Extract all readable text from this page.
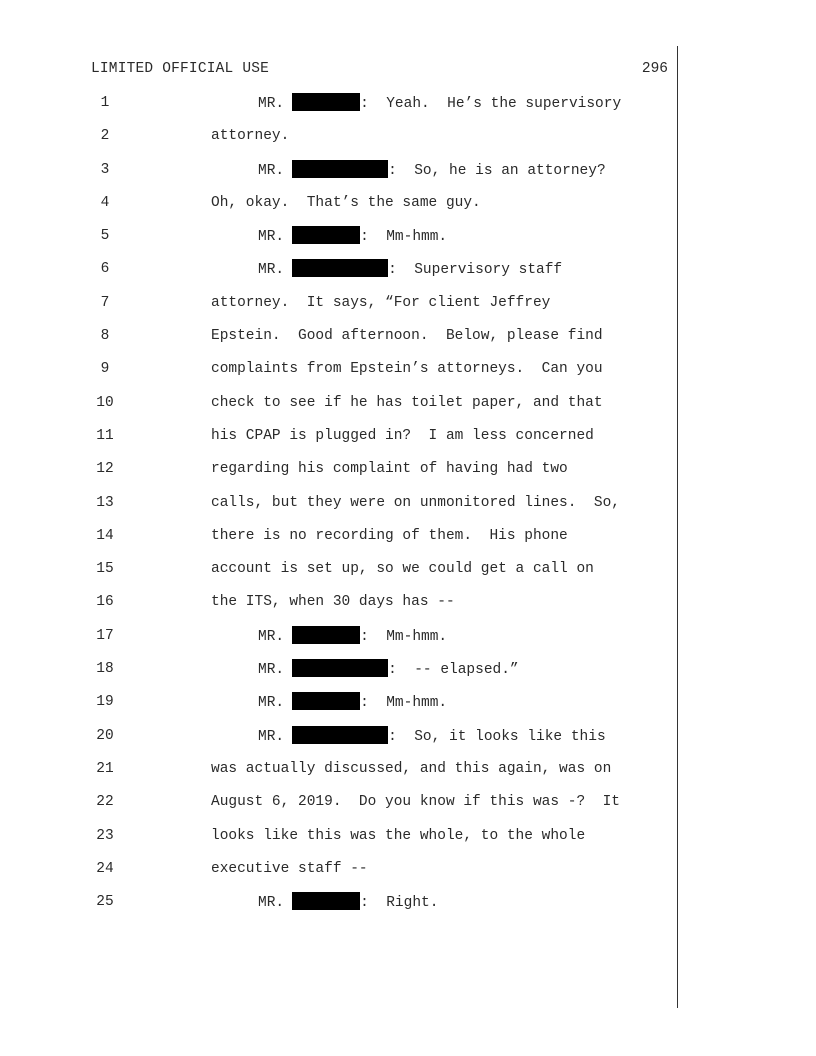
LIMITED OFFICIAL USE	296
1	MR.	:  Yeah.  He’s the supervisory
2	attorney.
3	MR.	:  So, he is an attorney?
4	Oh, okay.  That’s the same guy.
5	MR.	:  Mm-hmm.
6	MR.	:  Supervisory staff
7	attorney.  It says, “For client Jeffrey
8	Epstein.  Good afternoon.  Below, please find
9	complaints from Epstein’s attorneys.  Can you
10	check to see if he has toilet paper, and that
11	his CPAP is plugged in?  I am less concerned
12	regarding his complaint of having had two
13	calls, but they were on unmonitored lines.  So,
14	there is no recording of them.  His phone
15	account is set up, so we could get a call on
16	the ITS, when 30 days has --
17	MR.	:  Mm-hmm.
18	MR.	:  -- elapsed.”
19	MR.	:  Mm-hmm.
20	MR.	:  So, it looks like this
21	was actually discussed, and this again, was on
22	August 6, 2019.  Do you know if this was -?  It
23	looks like this was the whole, to the whole
24	executive staff --
25	MR.	:  Right.
